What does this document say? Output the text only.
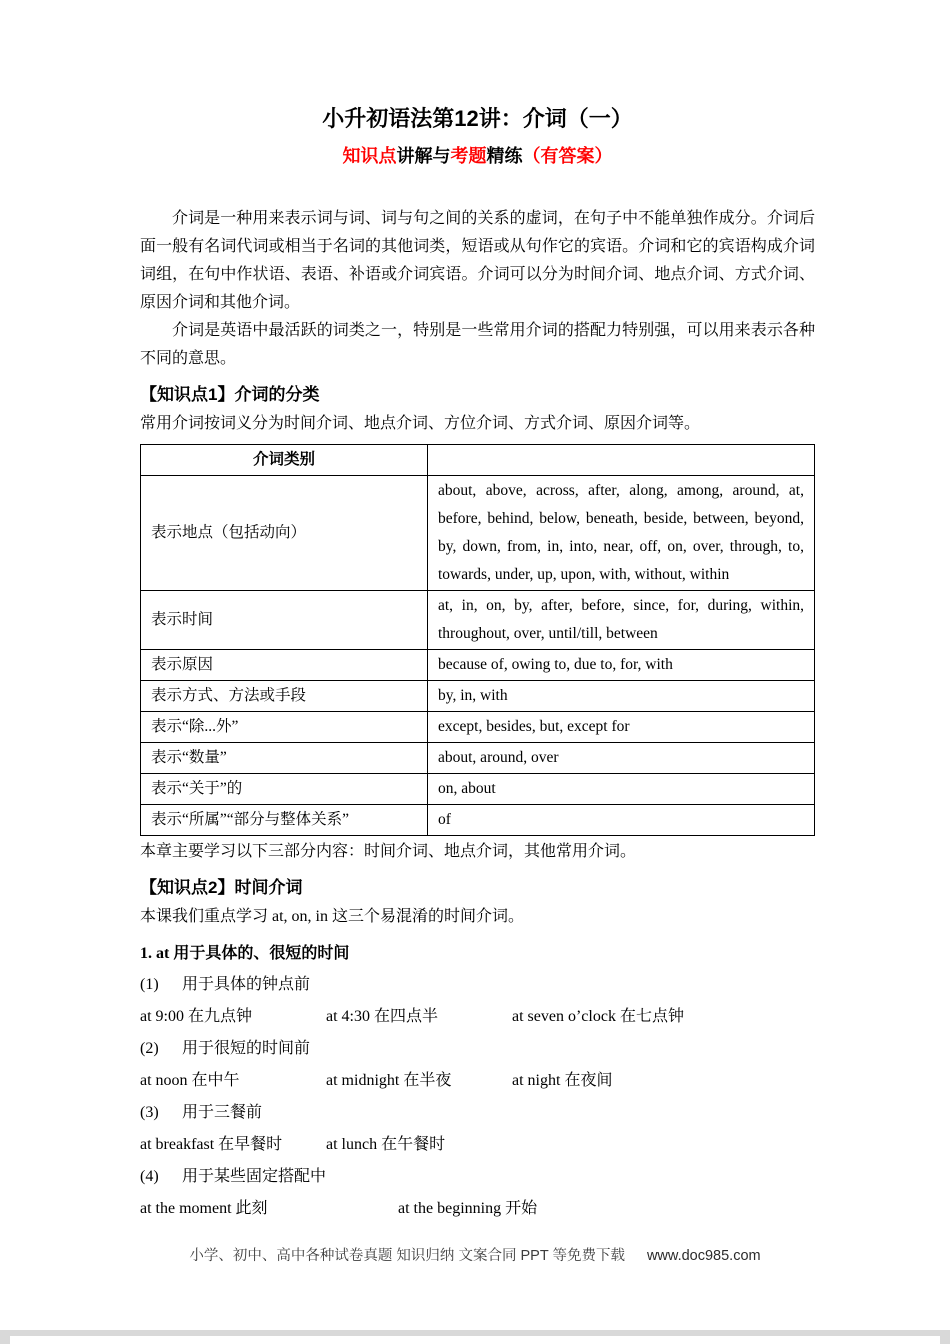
小升初语法第12讲：介词（一）
知识点讲解与考题精练（有答案）

介词是一种用来表示词与词、词与句之间的关系的虚词，在句子中不能单独作成分。介词后面一般有名词代词或相当于名词的其他词类，短语或从句作它的宾语。介词和它的宾语构成介词词组，在句中作状语、表语、补语或介词宾语。介词可以分为时间介词、地点介词、方式介词、原因介词和其他介词。

介词是英语中最活跃的词类之一，特别是一些常用介词的搭配力特别强，可以用来表示各种不同的意思。

【知识点1】介词的分类
常用介词按词义分为时间介词、地点介词、方位介词、方式介词、原因介词等。
介词类别	
表示地点（包括动向）	about, above, across, after, along, among, around, at, before, behind, below, beneath, beside, between, beyond, by, down, from, in, into, near, off, on, over, through, to, towards, under, up, upon, with, without, within
表示时间	at, in, on, by, after, before, since, for, during, within, throughout, over, until/till, between
表示原因	because of, owing to, due to, for, with
表示方式、方法或手段	by, in, with
表示“除...外”	except, besides, but, except for
表示“数量”	about, around, over
表示“关于”的	on, about
表示“所属”“部分与整体关系”	of
本章主要学习以下三部分内容：时间介词、地点介词，其他常用介词。
【知识点2】时间介词
本课我们重点学习 at, on, in 这三个易混淆的时间介词。
1. at 用于具体的、很短的时间
(1) 用于具体的钟点前
at 9:00 在九点钟	at 4:30 在四点半	at seven o’clock 在七点钟
(2) 用于很短的时间前
at noon 在中午	at midnight 在半夜	at night 在夜间
(3) 用于三餐前
at breakfast 在早餐时	at lunch 在午餐时
(4) 用于某些固定搭配中
at the moment 此刻	at the beginning 开始
小学、初中、高中各种试卷真题 知识归纳 文案合同 PPT 等免费下载 www.doc985.com
